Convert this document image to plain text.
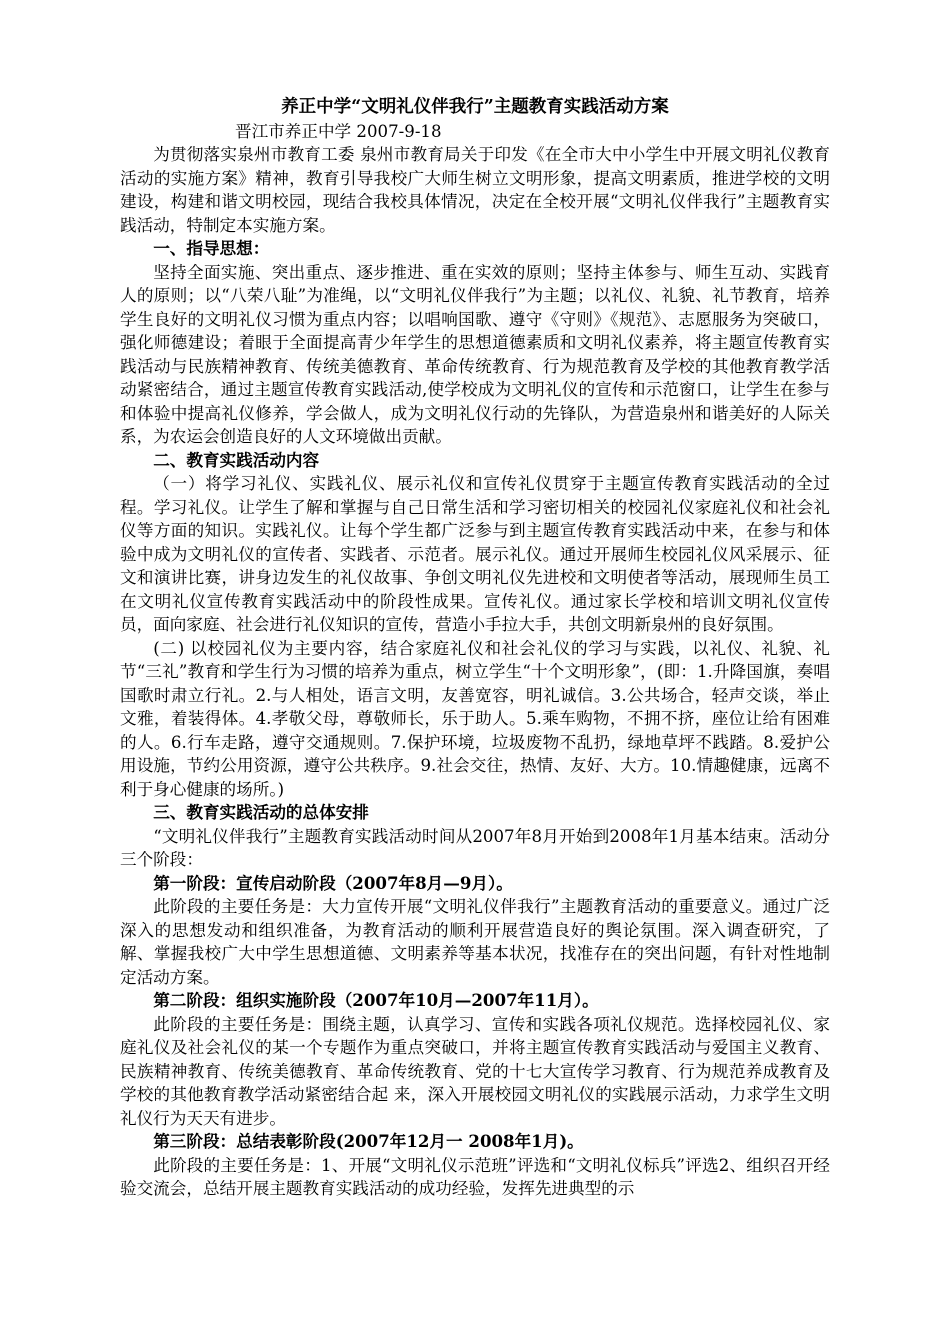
养正中学“文明礼仪伴我行”主题教育实践活动方案

晋江市养正中学 2007-9-18

为贯彻落实泉州市教育工委 泉州市教育局关于印发《在全市大中小学生中开展文明礼仪教育活动的实施方案》精神，教育引导我校广大师生树立文明形象，提高文明素质，推进学校的文明建设，构建和谐文明校园，现结合我校具体情况，决定在全校开展“文明礼仪伴我行”主题教育实践活动，特制定本实施方案。

一、指导思想：

坚持全面实施、突出重点、逐步推进、重在实效的原则；坚持主体参与、师生互动、实践育人的原则；以“八荣八耻”为准绳，以“文明礼仪伴我行”为主题；以礼仪、礼貌、礼节教育，培养学生良好的文明礼仪习惯为重点内容；以唱响国歌、遵守《守则》《规范》、志愿服务为突破口，强化师德建设；着眼于全面提高青少年学生的思想道德素质和文明礼仪素养，将主题宣传教育实践活动与民族精神教育、传统美德教育、革命传统教育、行为规范教育及学校的其他教育教学活动紧密结合，通过主题宣传教育实践活动,使学校成为文明礼仪的宣传和示范窗口，让学生在参与和体验中提高礼仪修养，学会做人，成为文明礼仪行动的先锋队，为营造泉州和谐美好的人际关系，为农运会创造良好的人文环境做出贡献。

二、教育实践活动内容

（一）将学习礼仪、实践礼仪、展示礼仪和宣传礼仪贯穿于主题宣传教育实践活动的全过程。学习礼仪。让学生了解和掌握与自己日常生活和学习密切相关的校园礼仪家庭礼仪和社会礼仪等方面的知识。实践礼仪。让每个学生都广泛参与到主题宣传教育实践活动中来，在参与和体验中成为文明礼仪的宣传者、实践者、示范者。展示礼仪。通过开展师生校园礼仪风采展示、征文和演讲比赛，讲身边发生的礼仪故事、争创文明礼仪先进校和文明使者等活动，展现师生员工在文明礼仪宣传教育实践活动中的阶段性成果。宣传礼仪。通过家长学校和培训文明礼仪宣传员，面向家庭、社会进行礼仪知识的宣传，营造小手拉大手，共创文明新泉州的良好氛围。

(二) 以校园礼仪为主要内容，结合家庭礼仪和社会礼仪的学习与实践，以礼仪、礼貌、礼节“三礼”教育和学生行为习惯的培养为重点，树立学生“十个文明形象”，(即：1.升降国旗，奏唱国歌时肃立行礼。2.与人相处，语言文明，友善宽容，明礼诚信。3.公共场合，轻声交谈，举止文雅，着装得体。4.孝敬父母，尊敬师长，乐于助人。5.乘车购物，不拥不挤，座位让给有困难的人。6.行车走路，遵守交通规则。7.保护环境，垃圾废物不乱扔，绿地草坪不践踏。8.爱护公用设施，节约公用资源，遵守公共秩序。9.社会交往，热情、友好、大方。10.情趣健康，远离不利于身心健康的场所。)

三、教育实践活动的总体安排

“文明礼仪伴我行”主题教育实践活动时间从2007年8月开始到2008年1月基本结束。活动分三个阶段：

第一阶段：宣传启动阶段（2007年8月—9月）。

此阶段的主要任务是：大力宣传开展“文明礼仪伴我行”主题教育活动的重要意义。通过广泛深入的思想发动和组织准备，为教育活动的顺利开展营造良好的舆论氛围。深入调查研究，了解、掌握我校广大中学生思想道德、文明素养等基本状况，找准存在的突出问题，有针对性地制定活动方案。

第二阶段：组织实施阶段（2007年10月—2007年11月）。

此阶段的主要任务是：围绕主题，认真学习、宣传和实践各项礼仪规范。选择校园礼仪、家庭礼仪及社会礼仪的某一个专题作为重点突破口，并将主题宣传教育实践活动与爱国主义教育、民族精神教育、传统美德教育、革命传统教育、党的十七大宣传学习教育、行为规范养成教育及学校的其他教育教学活动紧密结合起 来，深入开展校园文明礼仪的实践展示活动，力求学生文明礼仪行为天天有进步。

第三阶段：总结表彰阶段(2007年12月一 2008年1月)。

此阶段的主要任务是：1、开展“文明礼仪示范班”评选和“文明礼仪标兵”评选2、组织召开经验交流会，总结开展主题教育实践活动的成功经验，发挥先进典型的示
